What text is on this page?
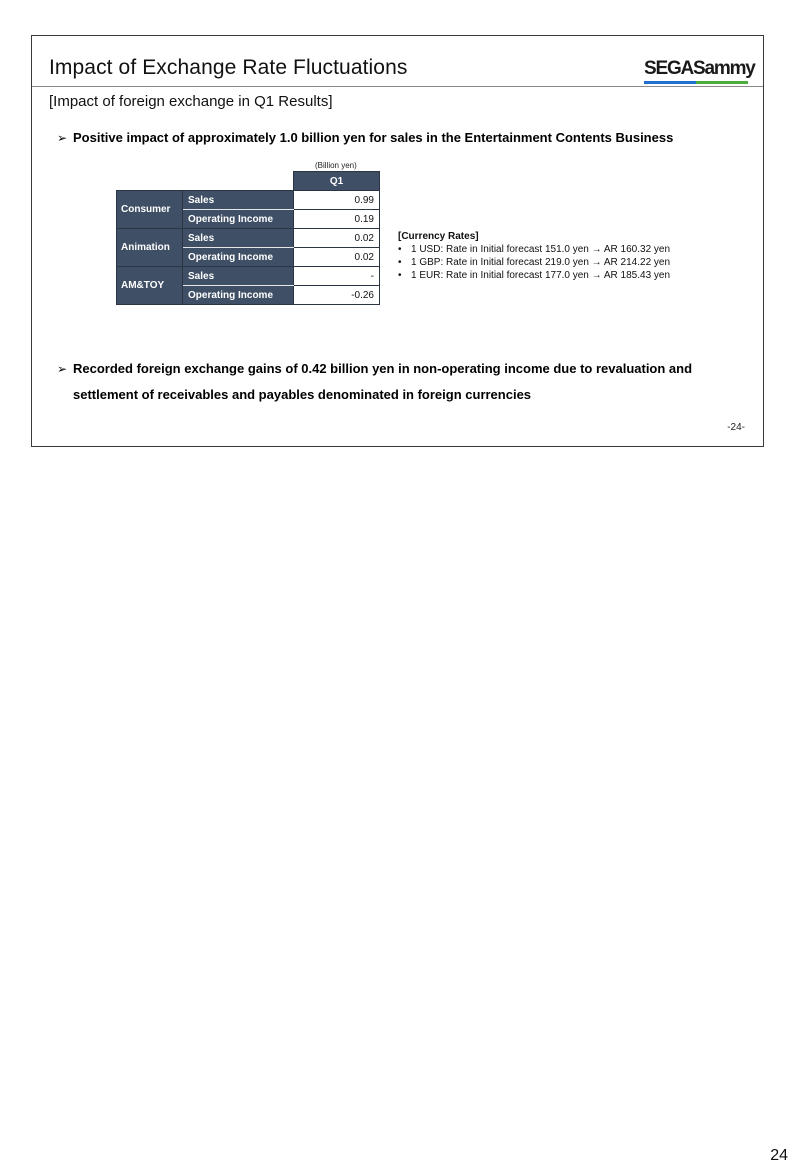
Impact of Exchange Rate Fluctuations	SEGASammy
[Impact of foreign exchange in Q1 Results]
➢ Positive impact of approximately 1.0 billion yen for sales in the Entertainment Contents Business
(Billion yen)
		Q1
Consumer	Sales	0.99
	Operating Income	0.19
Animation	Sales	0.02
	Operating Income	0.02
AM&TOY	Sales	-
	Operating Income	-0.26
[Currency Rates]
• 1 USD: Rate in Initial forecast 151.0 yen → AR 160.32 yen
• 1 GBP: Rate in Initial forecast 219.0 yen → AR 214.22 yen
• 1 EUR: Rate in Initial forecast 177.0 yen → AR 185.43 yen
➢ Recorded foreign exchange gains of 0.42 billion yen in non-operating income due to revaluation and settlement of receivables and payables denominated in foreign currencies
-24-
24
